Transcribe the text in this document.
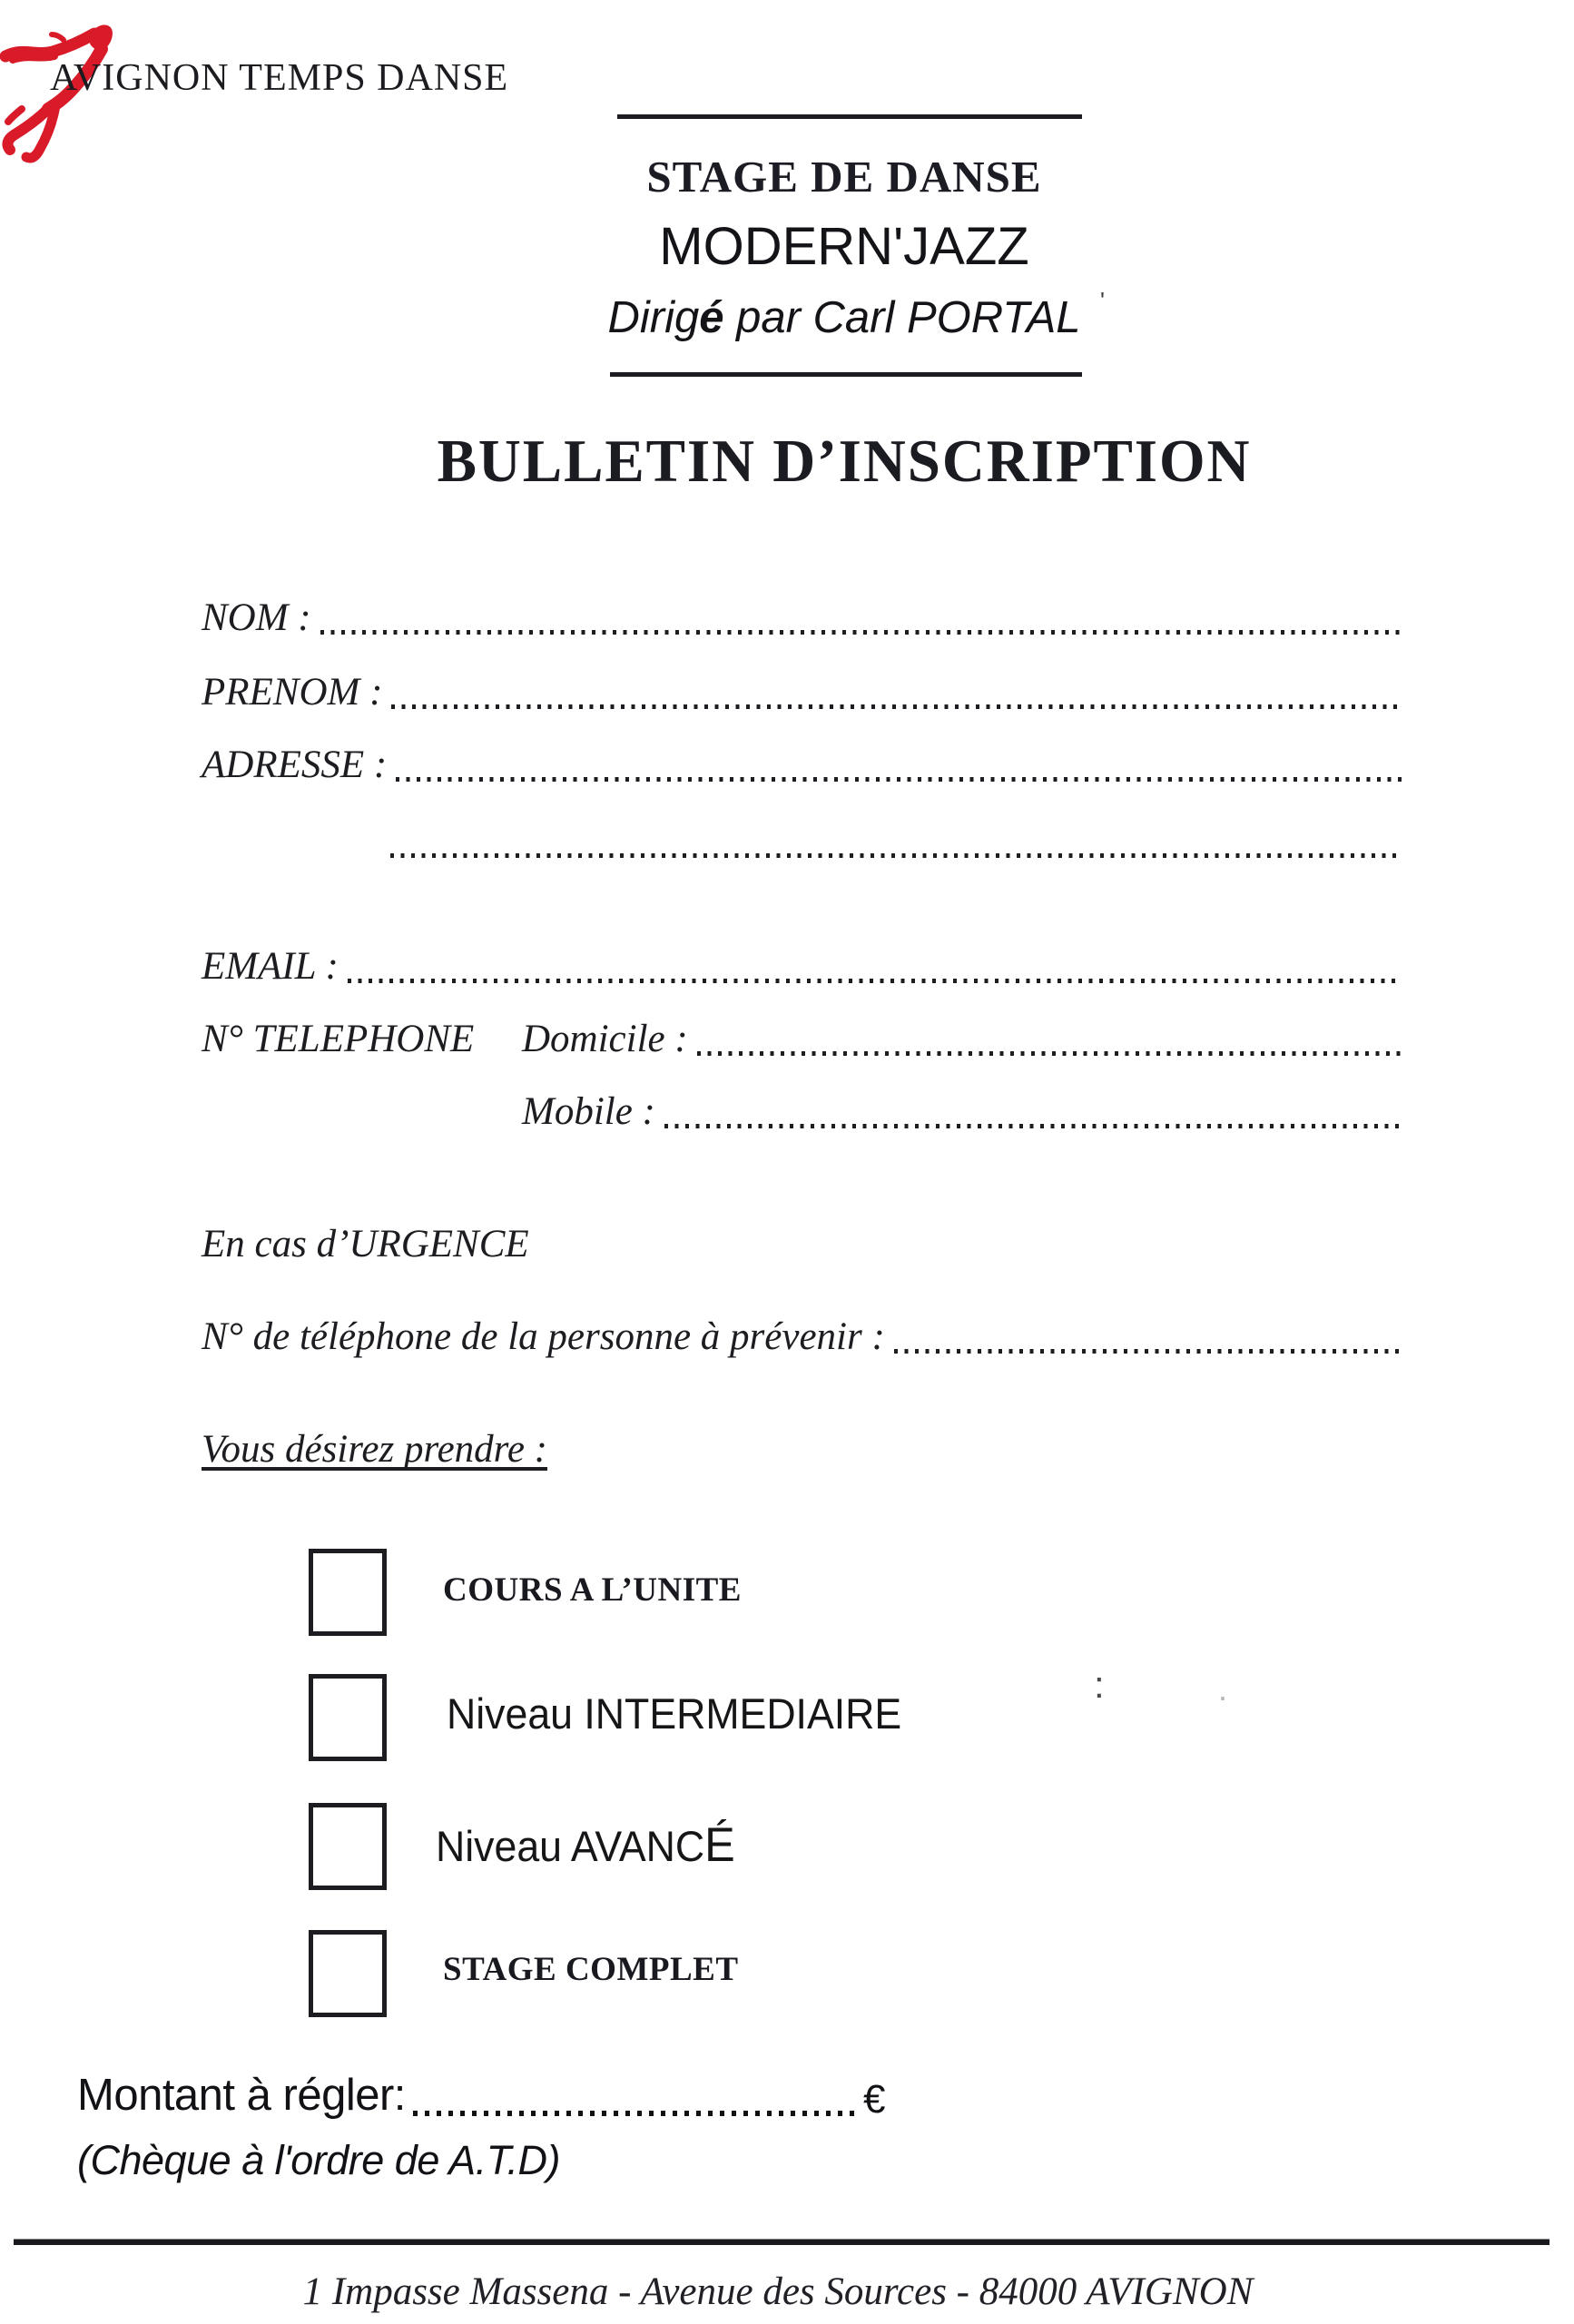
AVIGNON TEMPS DANSE
STAGE DE DANSE
MODERN'JAZZ
Dirigé par Carl PORTAL '
BULLETIN D’INSCRIPTION
NOM :
PRENOM :
ADRESSE :
EMAIL :
N° TELEPHONE	Domicile :
Mobile :
En cas d’URGENCE
N° de téléphone de la personne à prévenir :
Vous désirez prendre :
COURS A L’UNITE
Niveau INTERMEDIAIRE
:	.
Niveau AVANCÉ
STAGE COMPLET
Montant à régler:	€
(Chèque à l'ordre de A.T.D)
1 Impasse Massena - Avenue des Sources - 84000 AVIGNON
